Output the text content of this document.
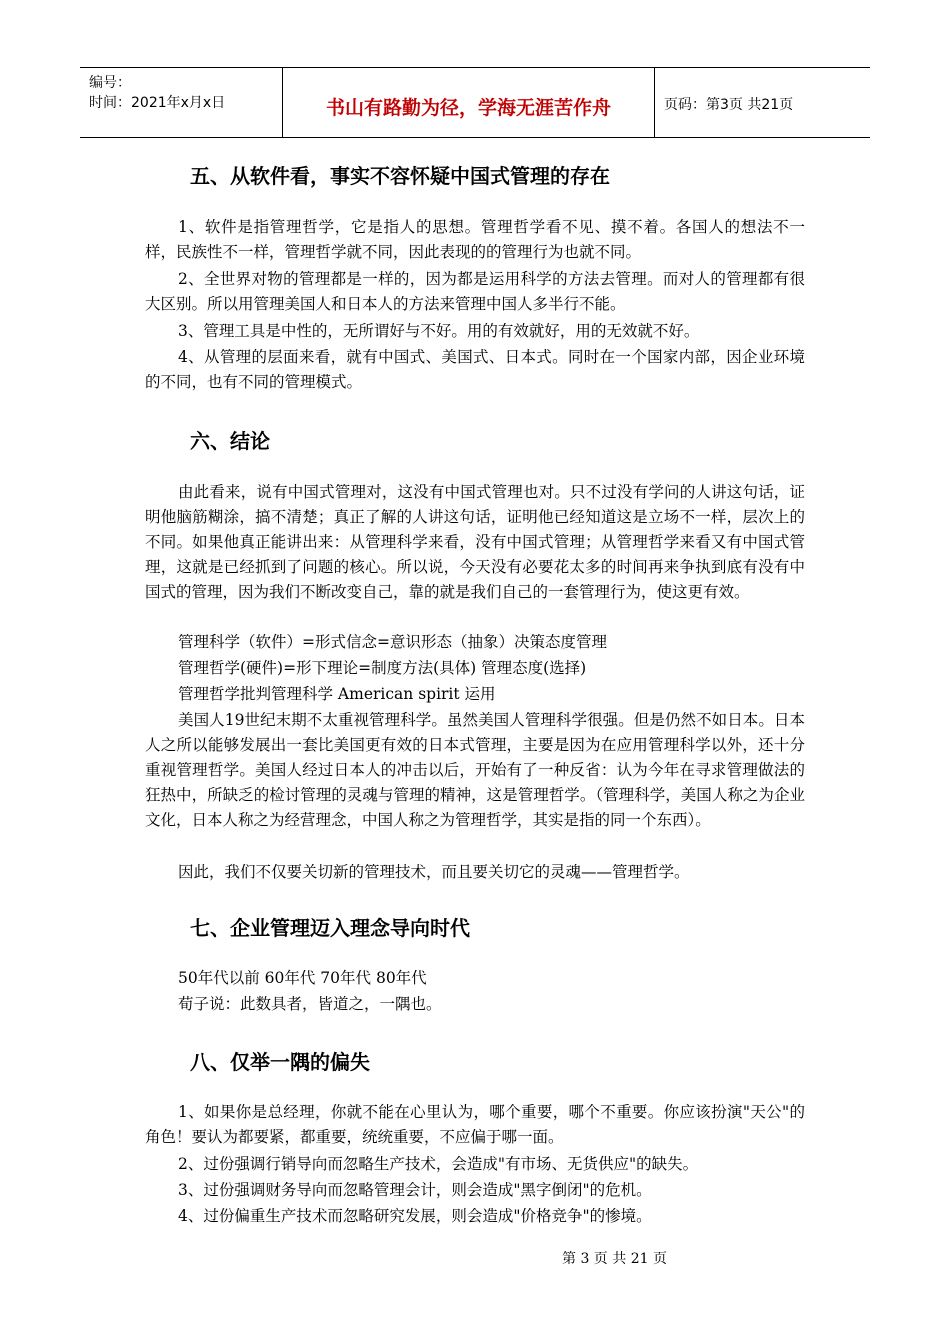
编号：
时间：2021年x月x日	书山有路勤为径，学海无涯苦作舟	页码：第3页 共21页
五、从软件看，事实不容怀疑中国式管理的存在

1、软件是指管理哲学，它是指人的思想。管理哲学看不见、摸不着。各国人的想法不一样，民族性不一样，管理哲学就不同，因此表现的的管理行为也就不同。

2、全世界对物的管理都是一样的，因为都是运用科学的方法去管理。而对人的管理都有很大区别。所以用管理美国人和日本人的方法来管理中国人多半行不能。

3、管理工具是中性的，无所谓好与不好。用的有效就好，用的无效就不好。

4、从管理的层面来看，就有中国式、美国式、日本式。同时在一个国家内部，因企业环境的不同，也有不同的管理模式。

六、结论

由此看来，说有中国式管理对，这没有中国式管理也对。只不过没有学问的人讲这句话，证明他脑筋糊涂，搞不清楚；真正了解的人讲这句话，证明他已经知道这是立场不一样，层次上的不同。如果他真正能讲出来：从管理科学来看，没有中国式管理；从管理哲学来看又有中国式管理，这就是已经抓到了问题的核心。所以说，今天没有必要花太多的时间再来争执到底有没有中国式的管理，因为我们不断改变自己，靠的就是我们自己的一套管理行为，使这更有效。

管理科学（软件）=形式信念=意识形态（抽象）决策态度管理

管理哲学(硬件)=形下理论=制度方法(具体) 管理态度(选择)

管理哲学批判管理科学 American spirit 运用

美国人19世纪末期不太重视管理科学。虽然美国人管理科学很强。但是仍然不如日本。日本人之所以能够发展出一套比美国更有效的日本式管理，主要是因为在应用管理科学以外，还十分重视管理哲学。美国人经过日本人的冲击以后，开始有了一种反省：认为今年在寻求管理做法的狂热中，所缺乏的检讨管理的灵魂与管理的精神，这是管理哲学。（管理科学，美国人称之为企业文化，日本人称之为经营理念，中国人称之为管理哲学，其实是指的同一个东西）。

因此，我们不仅要关切新的管理技术，而且要关切它的灵魂——管理哲学。

七、企业管理迈入理念导向时代

50年代以前 60年代 70年代 80年代

荀子说：此数具者，皆道之，一隅也。

八、仅举一隅的偏失

1、如果你是总经理，你就不能在心里认为，哪个重要，哪个不重要。你应该扮演"天公"的角色！要认为都要紧，都重要，统统重要，不应偏于哪一面。

2、过份强调行销导向而忽略生产技术，会造成"有市场、无货供应"的缺失。

3、过份强调财务导向而忽略管理会计，则会造成"黑字倒闭"的危机。

4、过份偏重生产技术而忽略研究发展，则会造成"价格竞争"的惨境。

第 3 页 共 21 页
